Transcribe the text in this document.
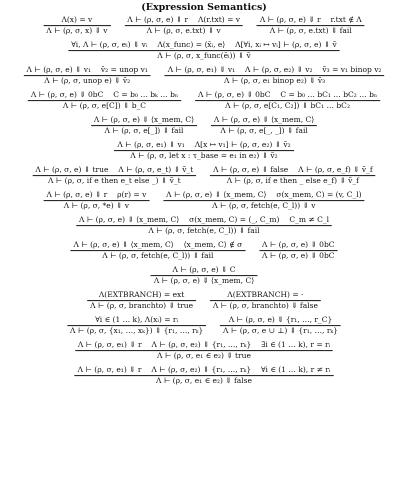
(Expression Semantics)
Λ(x) = v
Λ ⊢ (ρ, σ, x) ⇓ v
Λ ⊢ (ρ, σ, e) ⇓ r Λ(r.txt) = v
Λ ⊢ (ρ, σ, e.txt) ⇓ v
Λ ⊢ (ρ, σ, e) ⇓ r r.txt ∉ Λ
Λ ⊢ (ρ, σ, e.txt) ⇓ fail
∀i, Λ ⊢ (ρ, σ, eᵢ) ⇓ vᵢ Λ(x_func) = ⟨x̄ᵢ, e⟩ Λ[∀i, xᵢ ↦ vᵢ] ⊢ (ρ, σ, e) ⇓ ṽ
Λ ⊢ (ρ, σ, x_func(ēᵢ)) ⇓ ṽ
Λ ⊢ (ρ, σ, e) ⇓ v₁ ṽ₂ = unop v₁
Λ ⊢ (ρ, σ, unop e) ⇓ ṽ₂
Λ ⊢ (ρ, σ, e₁) ⇓ v₁ Λ ⊢ (ρ, σ, e₂) ⇓ v₂ ṽ₃ = v₁ binop v₂
Λ ⊢ (ρ, σ, e₁ binop e₂) ⇓ ṽ₃
Λ ⊢ (ρ, σ, e) ⇓ 0bC C = b₀ … bₖ … bₙ
Λ ⊢ (ρ, σ, e[C]) ⇓ b_C
Λ ⊢ (ρ, σ, e) ⇓ 0bC C = b₀ … bC₁ … bC₂ … bₙ
Λ ⊢ (ρ, σ, e[C₁, C₂]) ⇓ bC₁ … bC₂
Λ ⊢ (ρ, σ, e) ⇓ ⟨x_mem, C⟩
Λ ⊢ (ρ, σ, e[_]) ⇓ fail
Λ ⊢ (ρ, σ, e) ⇓ ⟨x_mem, C⟩
Λ ⊢ (ρ, σ, e[_, _]) ⇓ fail
Λ ⊢ (ρ, σ, e₁) ⇓ v₁ Λ[x ↦ v₁] ⊢ (ρ, σ, e₂) ⇓ ṽ₂
Λ ⊢ (ρ, σ, let x : τ_base = e₁ in e₂) ⇓ ṽ₂
Λ ⊢ (ρ, σ, e) ⇓ true Λ ⊢ (ρ, σ, e_t) ⇓ ṽ_t
Λ ⊢ (ρ, σ, if e then e_t else _) ⇓ ṽ_t
Λ ⊢ (ρ, σ, e) ⇓ false Λ ⊢ (ρ, σ, e_f) ⇓ ṽ_f
Λ ⊢ (ρ, σ, if e then _ else e_f) ⇓ ṽ_f
Λ ⊢ (ρ, σ, e) ⇓ r ρ(r) = v
Λ ⊢ (ρ, σ, *e) ⇓ v
Λ ⊢ (ρ, σ, e) ⇓ ⟨x_mem, C⟩ σ(x_mem, C) = (v, C_l)
Λ ⊢ (ρ, σ, fetch(e, C_l)) ⇓ v
Λ ⊢ (ρ, σ, e) ⇓ ⟨x_mem, C⟩ σ(x_mem, C) = (_, C_m) C_m ≠ C_l
Λ ⊢ (ρ, σ, fetch(e, C_l)) ⇓ fail
Λ ⊢ (ρ, σ, e) ⇓ ⟨x_mem, C⟩ ⟨x_mem, C⟩ ∉ σ
Λ ⊢ (ρ, σ, fetch(e, C_l)) ⇓ fail
Λ ⊢ (ρ, σ, e) ⇓ 0bC
Λ ⊢ (ρ, σ, e) ⇓ 0bC
Λ ⊢ (ρ, σ, e) ⇓ C
Λ ⊢ (ρ, σ, e) ⇓ ⟨x_mem, C⟩
Λ(EXTBRANCH) = ext
Λ ⊢ (ρ, σ, branchto) ⇓ true
Λ(EXTBRANCH) = ·
Λ ⊢ (ρ, σ, branchto) ⇓ false
∀i ∈ (1 … k), Λ(xᵢ) = rᵢ
Λ ⊢ (ρ, σ, {x₁, …, xₖ}) ⇓ {r₁, …, rₖ}
Λ ⊢ (ρ, σ, e) ⇓ {r₁, …, r_C}
Λ ⊢ (ρ, σ, e ∪ ⊥) ⇓ {r₁, …, rₖ}
Λ ⊢ (ρ, σ, e₁) ⇓ r Λ ⊢ (ρ, σ, e₂) ⇓ {r₁, …, rₖ} ∃i ∈ (1 … k), r = rᵢ
Λ ⊢ (ρ, σ, e₁ ∈ e₂) ⇓ true
Λ ⊢ (ρ, σ, e₁) ⇓ r Λ ⊢ (ρ, σ, e₂) ⇓ {r₁, …, rₖ} ∀i ∈ (1 … k), r ≠ rᵢ
Λ ⊢ (ρ, σ, e₁ ∈ e₂) ⇓ false
